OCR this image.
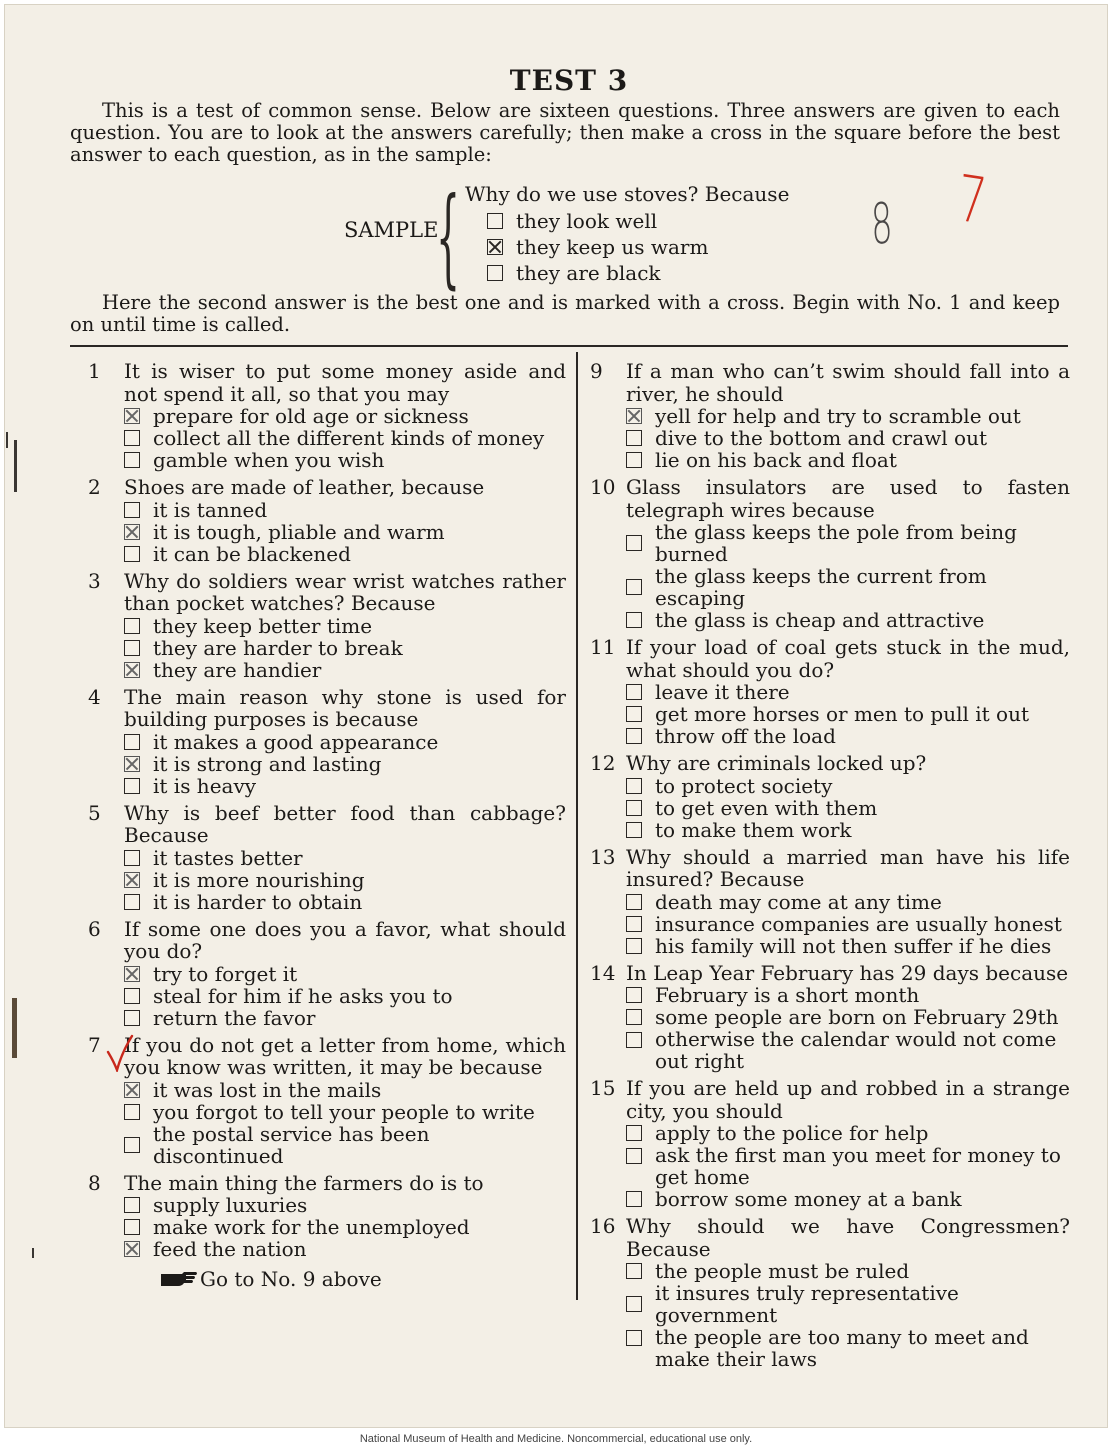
TEST 3
This is a test of common sense. Below are sixteen questions. Three answers are given to each question. You are to look at the answers carefully; then make a cross in the square before the best answer to each question, as in the sample:
SAMPLE
{ Why do we use stoves? Because
they look well
they keep us warm
they are black
8 7
Here the second answer is the best one and is marked with a cross. Begin with No. 1 and keep on until time is called.
1	It is wiser to put some money aside and not spend it all, so that you may
prepare for old age or sickness
collect all the different kinds of money
gamble when you wish
2	Shoes are made of leather, because
it is tanned
it is tough, pliable and warm
it can be blackened
3	Why do soldiers wear wrist watches rather than pocket watches? Because
they keep better time
they are harder to break
they are handier
4	The main reason why stone is used for building purposes is because
it makes a good appearance
it is strong and lasting
it is heavy
5	Why is beef better food than cabbage? Because
it tastes better
it is more nourishing
it is harder to obtain
6	If some one does you a favor, what should you do?
try to forget it
steal for him if he asks you to
return the favor
7	If you do not get a letter from home, which you know was written, it may be because
it was lost in the mails
you forgot to tell your people to write
the postal service has been discontinued
8	The main thing the farmers do is to
supply luxuries
make work for the unemployed
feed the nation
Go to No. 9 above
9	If a man who can’t swim should fall into a river, he should
yell for help and try to scramble out
dive to the bottom and crawl out
lie on his back and float
10 Glass insulators are used to fasten telegraph wires because
the glass keeps the pole from being burned
the glass keeps the current from escaping
the glass is cheap and attractive
11 If your load of coal gets stuck in the mud, what should you do?
leave it there
get more horses or men to pull it out
throw off the load
12 Why are criminals locked up?
to protect society
to get even with them
to make them work
13 Why should a married man have his life insured? Because
death may come at any time
insurance companies are usually honest
his family will not then suffer if he dies
14 In Leap Year February has 29 days because
February is a short month
some people are born on February 29th
otherwise the calendar would not come out right
15 If you are held up and robbed in a strange city, you should
apply to the police for help
ask the first man you meet for money to get home
borrow some money at a bank
16 Why should we have Congressmen? Because
the people must be ruled
it insures truly representative government
the people are too many to meet and make their laws
National Museum of Health and Medicine. Noncommercial, educational use only.
